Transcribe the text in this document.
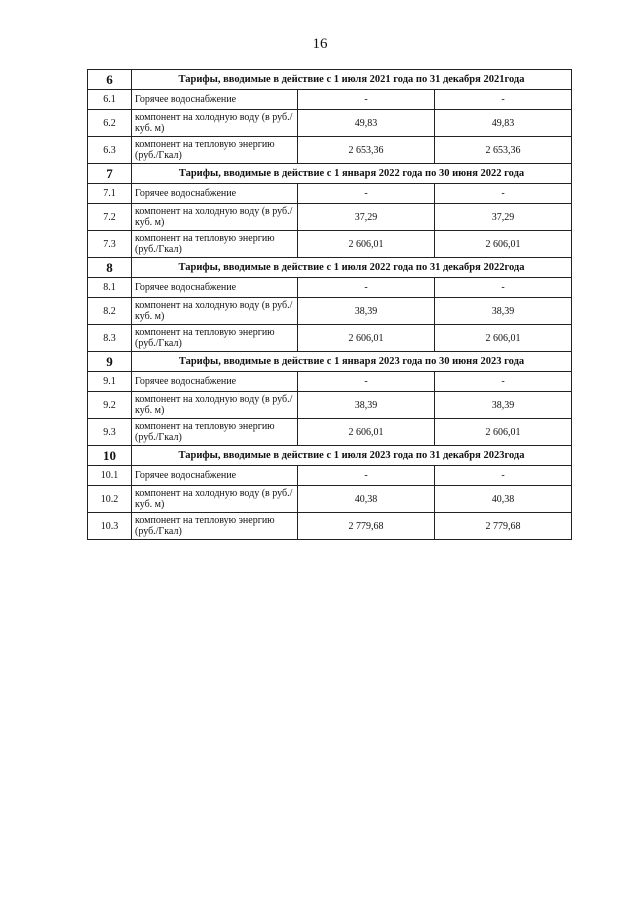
16
6	Тарифы, вводимые в действие с 1 июля 2021 года по 31 декабря 2021года		
6.1	Горячее водоснабжение	-	-
6.2	компонент на холодную воду (в руб./куб. м)	49,83	49,83
6.3	компонент на тепловую энергию (руб./Гкал)	2 653,36	2 653,36
7	Тарифы, вводимые в действие с 1 января 2022 года по 30 июня 2022 года		
7.1	Горячее водоснабжение	-	-
7.2	компонент на холодную воду (в руб./куб. м)	37,29	37,29
7.3	компонент на тепловую энергию (руб./Гкал)	2 606,01	2 606,01
8	Тарифы, вводимые в действие с 1 июля 2022 года по 31 декабря 2022года		
8.1	Горячее водоснабжение	-	-
8.2	компонент на холодную воду (в руб./куб. м)	38,39	38,39
8.3	компонент на тепловую энергию (руб./Гкал)	2 606,01	2 606,01
9	Тарифы, вводимые в действие с 1 января 2023 года по 30 июня 2023 года		
9.1	Горячее водоснабжение	-	-
9.2	компонент на холодную воду (в руб./куб. м)	38,39	38,39
9.3	компонент на тепловую энергию (руб./Гкал)	2 606,01	2 606,01
10	Тарифы, вводимые в действие с 1 июля 2023 года по 31 декабря 2023года		
10.1	Горячее водоснабжение	-	-
10.2	компонент на холодную воду (в руб./куб. м)	40,38	40,38
10.3	компонент на тепловую энергию (руб./Гкал)	2 779,68	2 779,68
